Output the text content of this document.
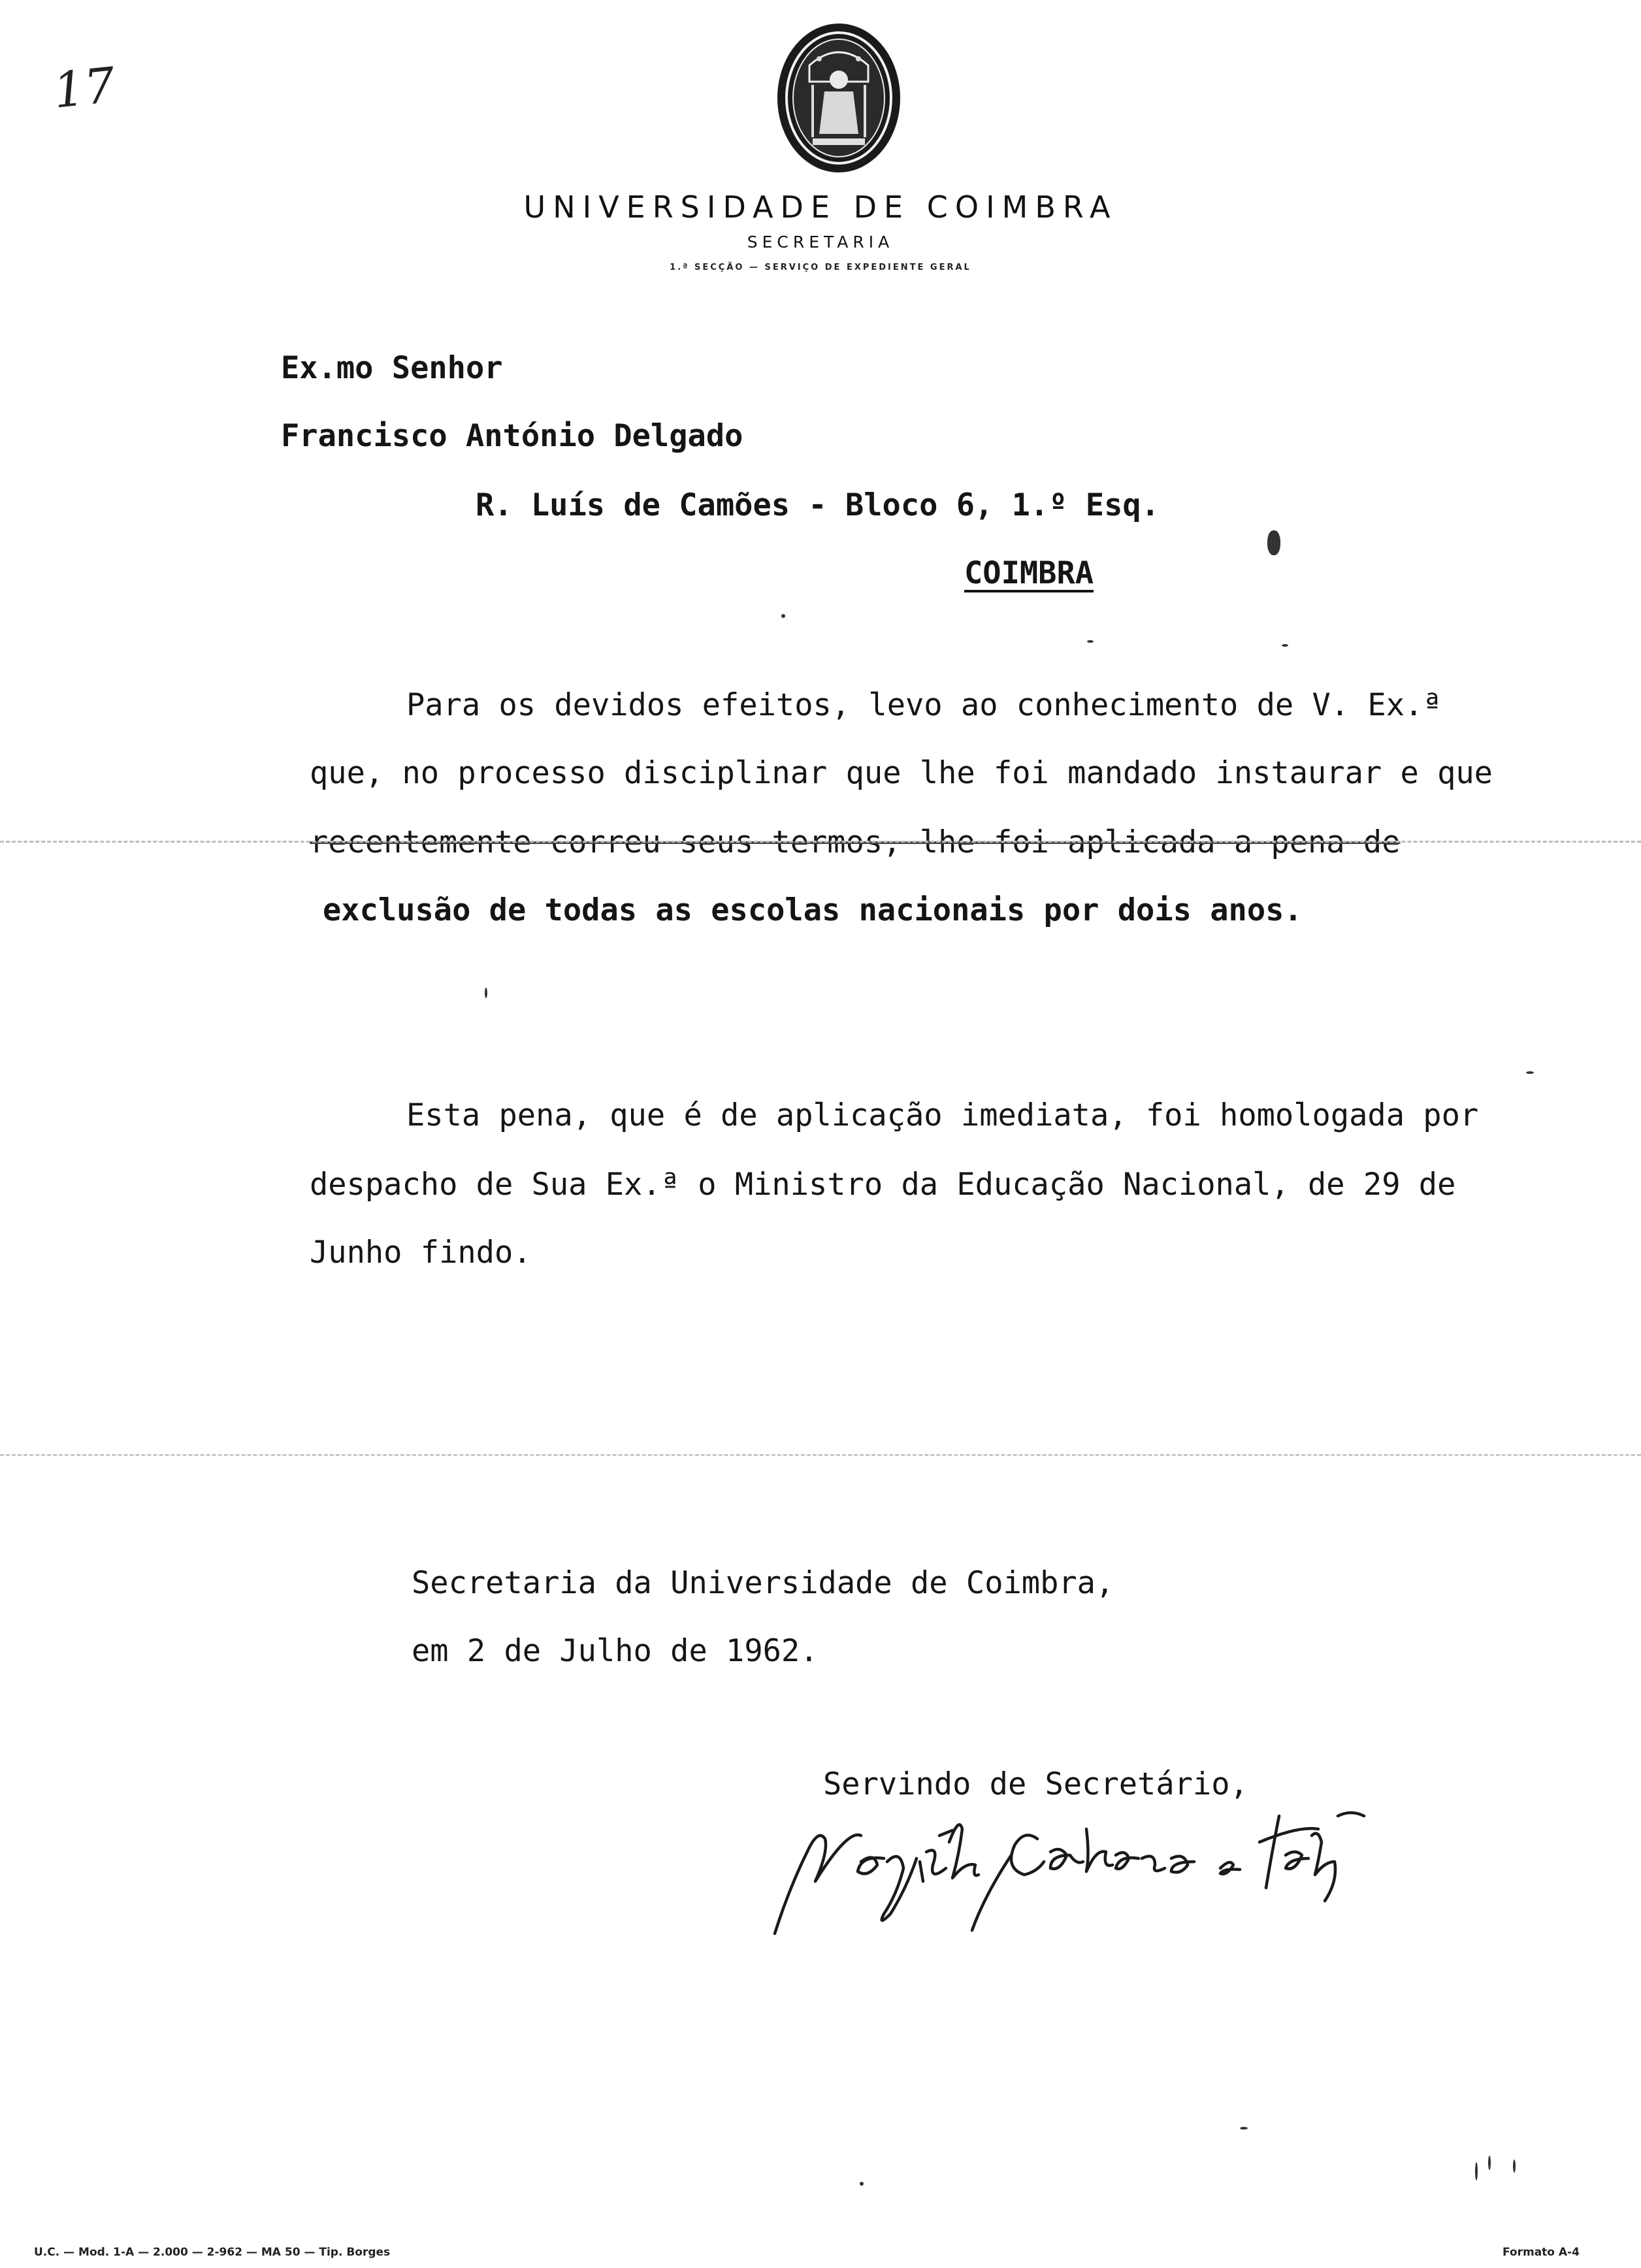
17
UNIVERSIDADE DE COIMBRA
SECRETARIA
1.ª SECÇÃO — SERVIÇO DE EXPEDIENTE GERAL
Ex.mo Senhor
Francisco António Delgado
R. Luís de Camões - Bloco 6, 1.º Esq.
COIMBRA
Para os devidos efeitos, levo ao conhecimento de V. Ex.ª
que, no processo disciplinar que lhe foi mandado instaurar e que
recentemente correu seus termos, lhe foi aplicada a pena de
exclusão de todas as escolas nacionais por dois anos.
Esta pena, que é de aplicação imediata, foi homologada por
despacho de Sua Ex.ª o Ministro da Educação Nacional, de 29 de
Junho findo.
Secretaria da Universidade de Coimbra,
em 2 de Julho de 1962.
Servindo de Secretário,
U.C. — Mod. 1-A — 2.000 — 2-962 — MA 50 — Tip. Borges	Formato A-4
